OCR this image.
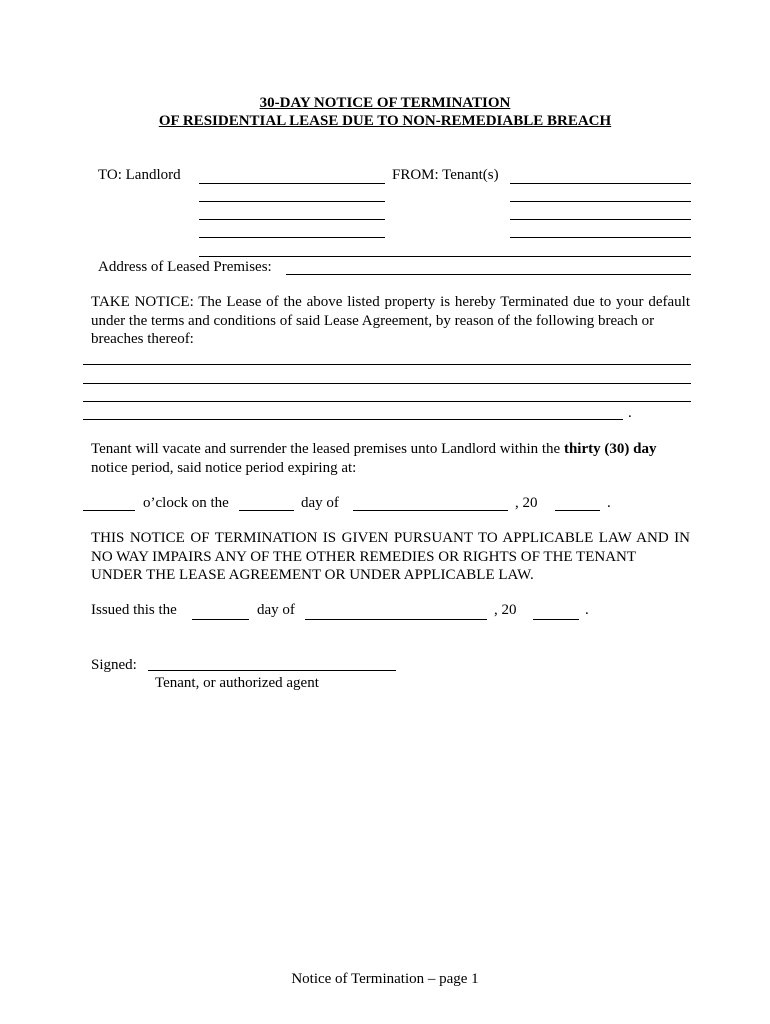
30-DAY NOTICE OF TERMINATION
OF RESIDENTIAL LEASE DUE TO NON-REMEDIABLE BREACH
TO: Landlord	FROM: Tenant(s)
Address of Leased Premises:
TAKE NOTICE: The Lease of the above listed property is hereby Terminated due to your default under the terms and conditions of said Lease Agreement, by reason of the following breach or
breaches thereof:
.
Tenant will vacate and surrender the leased premises unto Landlord within the thirty (30) day
notice period, said notice period expiring at:
o’clock on the	day of	, 20	.
THIS NOTICE OF TERMINATION IS GIVEN PURSUANT TO APPLICABLE LAW AND IN NO WAY IMPAIRS ANY OF THE OTHER REMEDIES OR RIGHTS OF THE TENANT
UNDER THE LEASE AGREEMENT OR UNDER APPLICABLE LAW.
Issued this the	day of	, 20	.
Signed:
Tenant, or authorized agent
Notice of Termination – page 1
